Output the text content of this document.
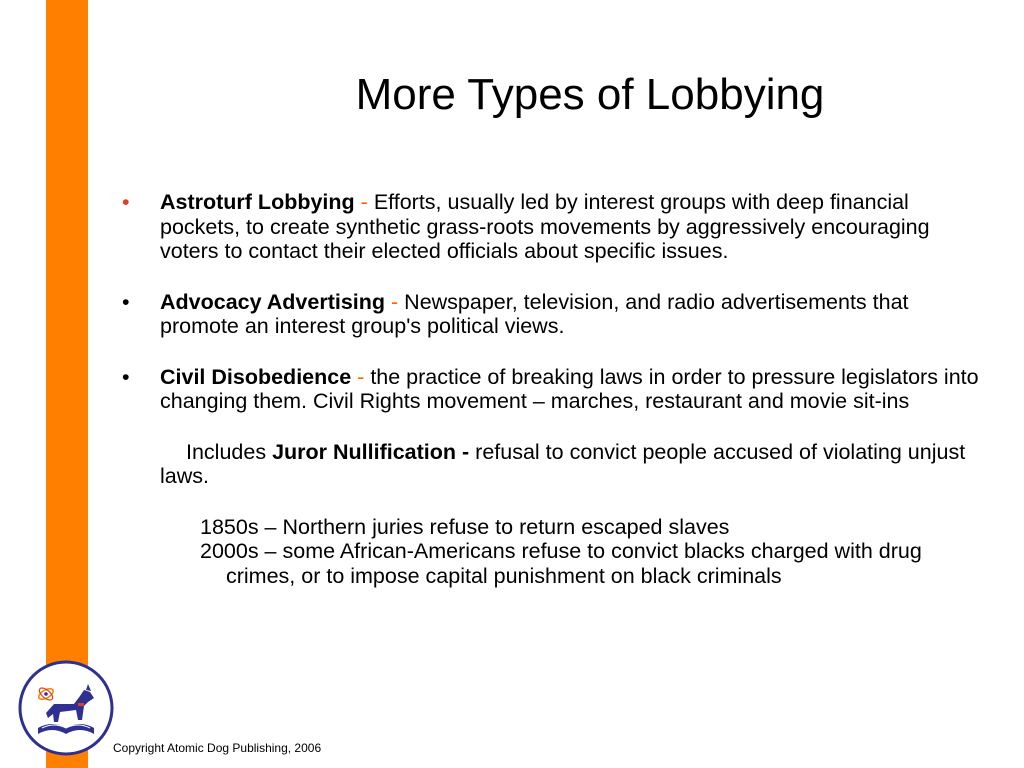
More Types of Lobbying
• Astroturf Lobbying - Efforts, usually led by interest groups with deep financial pockets, to create synthetic grass-roots movements by aggressively encouraging voters to contact their elected officials about specific issues.
• Advocacy Advertising - Newspaper, television, and radio advertisements that promote an interest group's political views.
• Civil Disobedience - the practice of breaking laws in order to pressure legislators into changing them. Civil Rights movement – marches, restaurant and movie sit-ins
Includes Juror Nullification - refusal to convict people accused of violating unjust laws.
1850s – Northern juries refuse to return escaped slaves
2000s – some African-Americans refuse to convict blacks charged with drug crimes, or to impose capital punishment on black criminals
Copyright Atomic Dog Publishing, 2006
